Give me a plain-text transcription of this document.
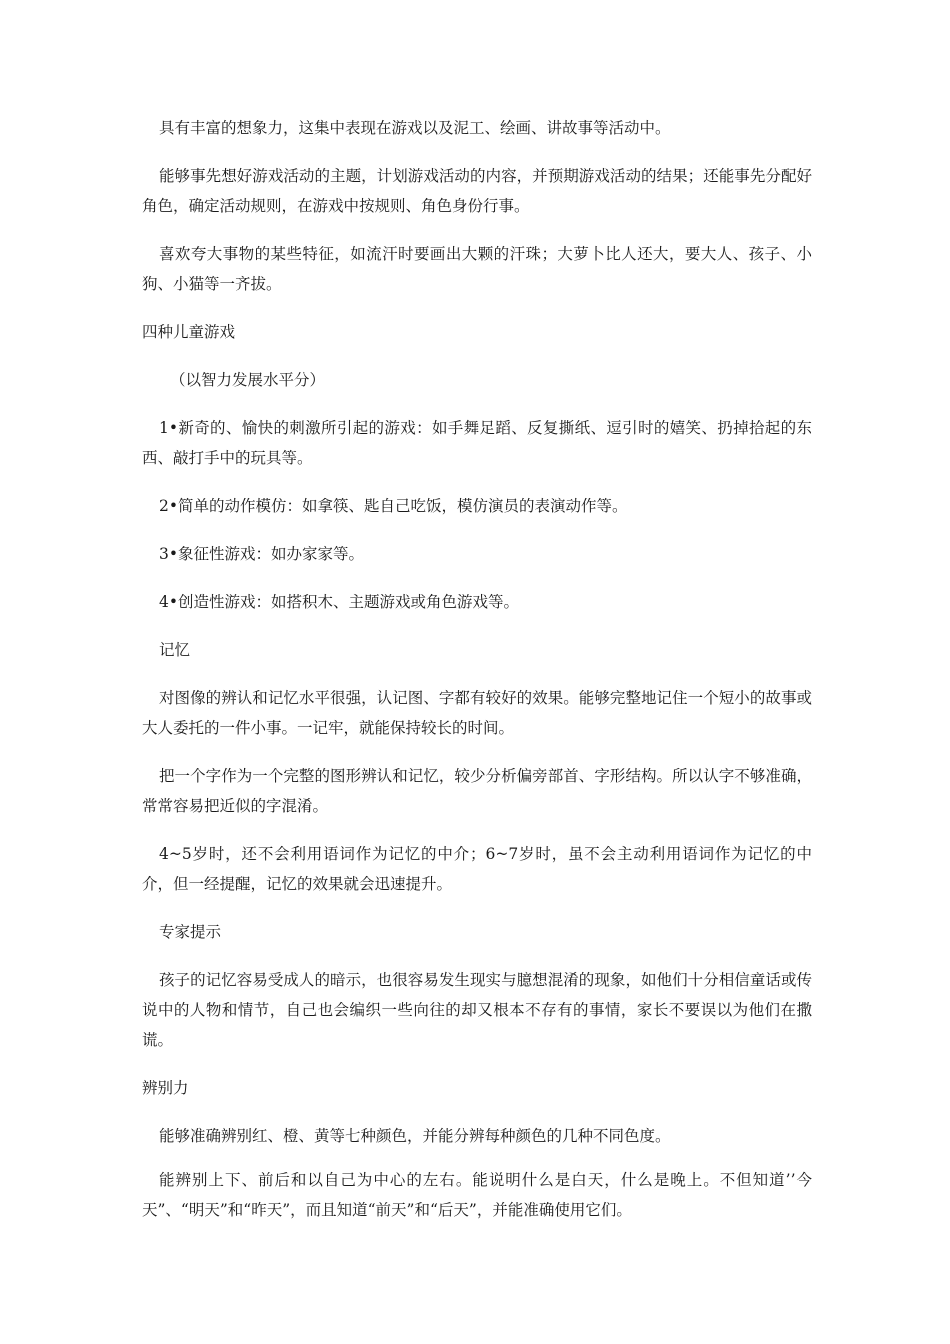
具有丰富的想象力，这集中表现在游戏以及泥工、绘画、讲故事等活动中。

能够事先想好游戏活动的主题，计划游戏活动的内容，并预期游戏活动的结果；还能事先分配好角色，确定活动规则，在游戏中按规则、角色身份行事。

喜欢夸大事物的某些特征，如流汗时要画出大颗的汗珠；大萝卜比人还大，要大人、孩子、小狗、小猫等一齐拔。

四种儿童游戏

（以智力发展水平分）

1•新奇的、愉快的刺激所引起的游戏：如手舞足蹈、反复撕纸、逗引时的嬉笑、扔掉拾起的东西、敲打手中的玩具等。

2•简单的动作模仿：如拿筷、匙自己吃饭，模仿演员的表演动作等。

3•象征性游戏：如办家家等。

4•创造性游戏：如搭积木、主题游戏或角色游戏等。

记忆

对图像的辨认和记忆水平很强，认记图、字都有较好的效果。能够完整地记住一个短小的故事或大人委托的一件小事。一记牢，就能保持较长的时间。

把一个字作为一个完整的图形辨认和记忆，较少分析偏旁部首、字形结构。所以认字不够准确，常常容易把近似的字混淆。

4~5岁时，还不会利用语词作为记忆的中介；6~7岁时，虽不会主动利用语词作为记忆的中介，但一经提醒，记忆的效果就会迅速提升。

专家提示

孩子的记忆容易受成人的暗示，也很容易发生现实与臆想混淆的现象，如他们十分相信童话或传说中的人物和情节，自己也会编织一些向往的却又根本不存有的事情，家长不要误以为他们在撒谎。

辨别力

能够准确辨别红、橙、黄等七种颜色，并能分辨每种颜色的几种不同色度。

能辨别上下、前后和以自己为中心的左右。能说明什么是白天，什么是晚上。不但知道’’今天”、“明天”和“昨天”，而且知道“前天”和“后天”，并能准确使用它们。
